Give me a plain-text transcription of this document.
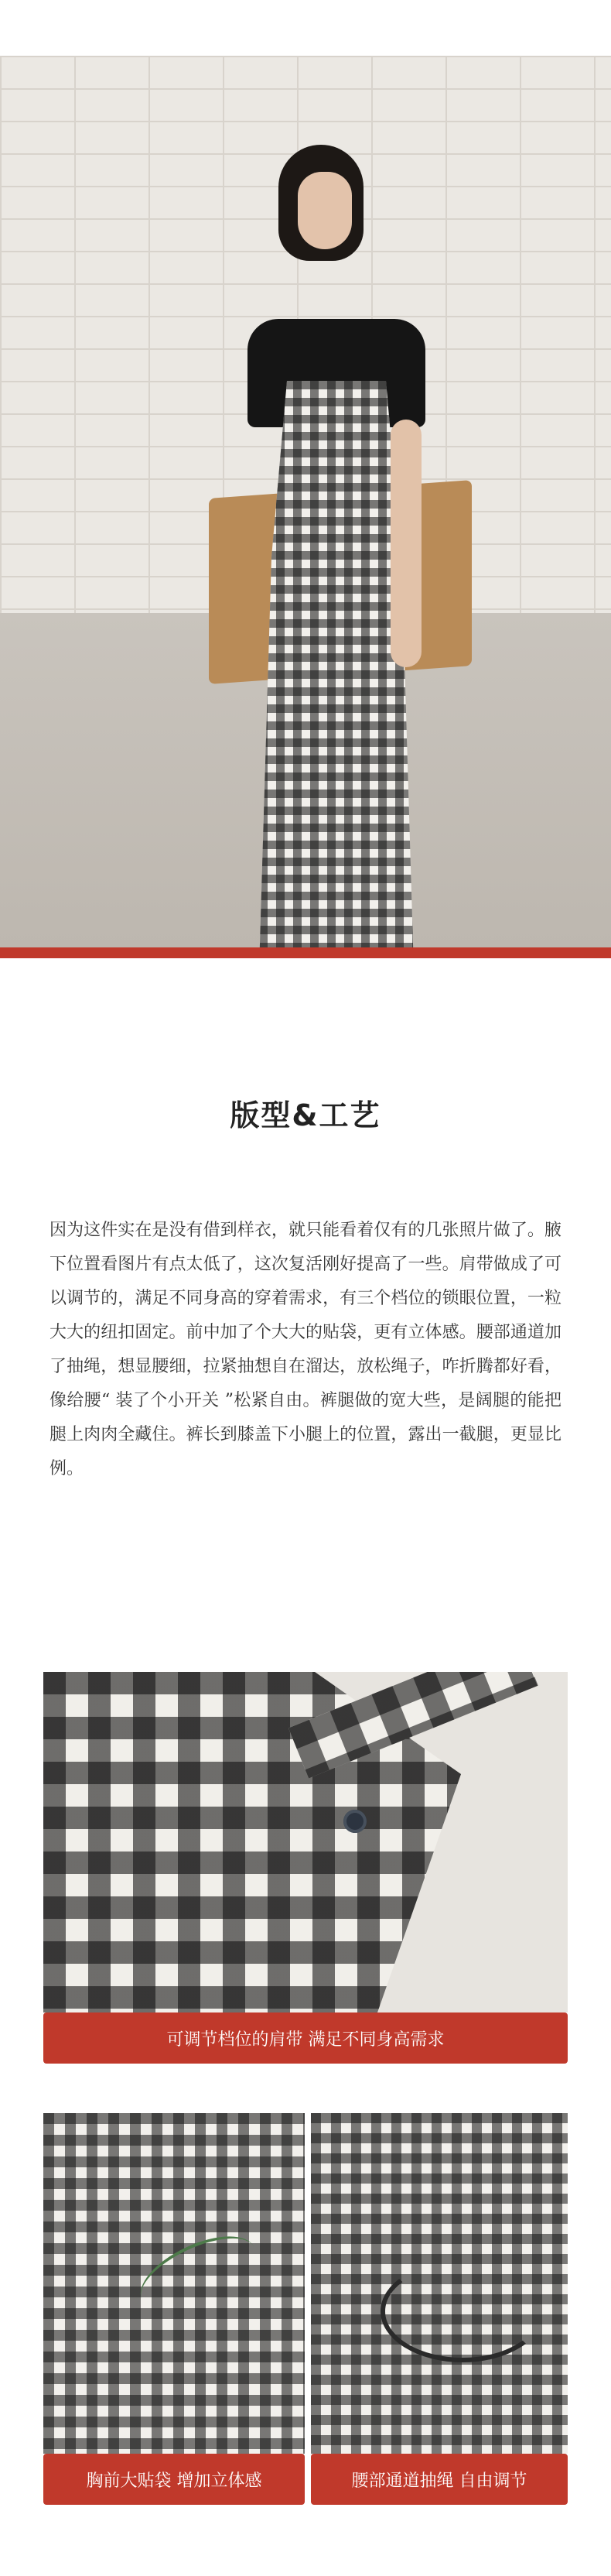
版型&工艺
因为这件实在是没有借到样衣，就只能看着仅有的几张照片做了。腋下位置看图片有点太低了，这次复活刚好提高了一些。肩带做成了可以调节的，满足不同身高的穿着需求，有三个档位的锁眼位置，一粒大大的纽扣固定。前中加了个大大的贴袋，更有立体感。腰部通道加了抽绳，想显腰细，拉紧抽想自在溜达，放松绳子，咋折腾都好看，像给腰“ 装了个小开关 ”松紧自由。裤腿做的宽大些，是阔腿的能把腿上肉肉全藏住。裤长到膝盖下小腿上的位置，露出一截腿，更显比例。
可调节档位的肩带 满足不同身高需求
胸前大贴袋 增加立体感	腰部通道抽绳 自由调节
